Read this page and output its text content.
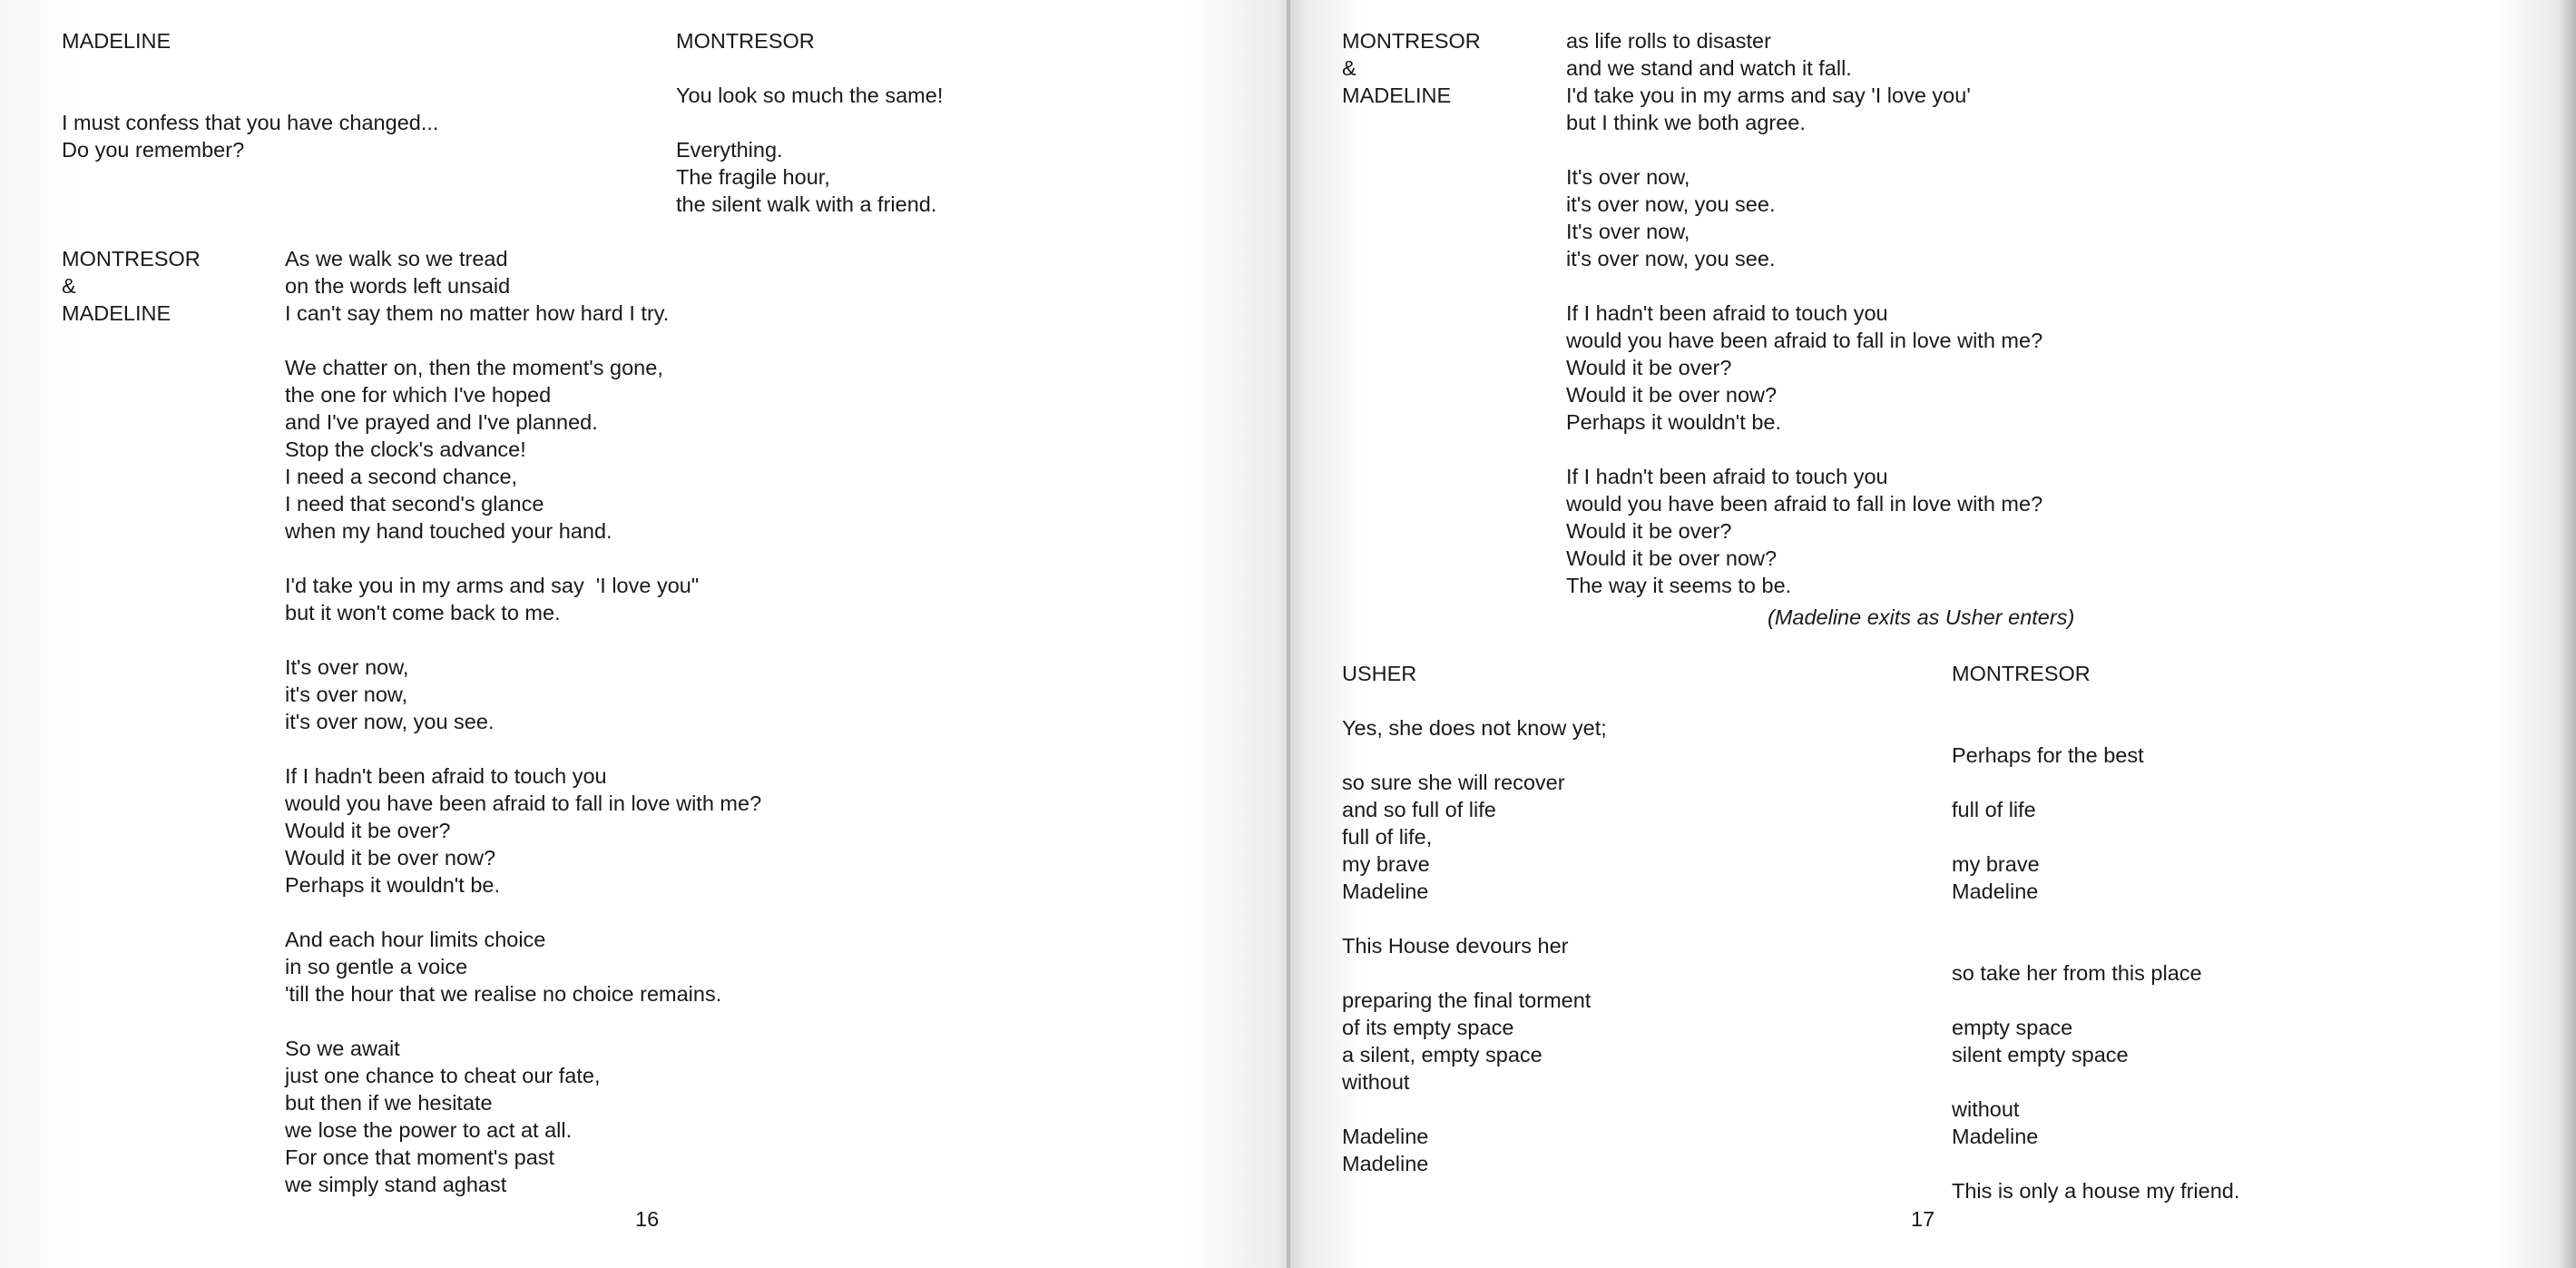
MADELINE
I must confess that you have changed...
Do you remember?
MONTRESOR
You look so much the same!
Everything.
The fragile hour,
the silent walk with a friend.
MONTRESOR
&
MADELINE
As we walk so we tread
on the words left unsaid
I can't say them no matter how hard I try.
We chatter on, then the moment's gone,
the one for which I've hoped
and I've prayed and I've planned.
Stop the clock's advance!
I need a second chance,
I need that second's glance
when my hand touched your hand.
I'd take you in my arms and say  'I love you"
but it won't come back to me.
It's over now,
it's over now,
it's over now, you see.
If I hadn't been afraid to touch you
would you have been afraid to fall in love with me?
Would it be over?
Would it be over now?
Perhaps it wouldn't be.
And each hour limits choice
in so gentle a voice
'till the hour that we realise no choice remains.
So we await
just one chance to cheat our fate,
but then if we hesitate
we lose the power to act at all.
For once that moment's past
we simply stand aghast
16
MONTRESOR
&
MADELINE
as life rolls to disaster
and we stand and watch it fall.
I'd take you in my arms and say 'I love you'
but I think we both agree.
It's over now,
it's over now, you see.
It's over now,
it's over now, you see.
If I hadn't been afraid to touch you
would you have been afraid to fall in love with me?
Would it be over?
Would it be over now?
Perhaps it wouldn't be.
If I hadn't been afraid to touch you
would you have been afraid to fall in love with me?
Would it be over?
Would it be over now?
The way it seems to be.
(Madeline exits as Usher enters)
USHER
Yes, she does not know yet;
so sure she will recover
and so full of life
full of life,
my brave
Madeline
This House devours her
preparing the final torment
of its empty space
a silent, empty space
without
Madeline
Madeline
MONTRESOR
Perhaps for the best
full of life
my brave
Madeline
so take her from this place
empty space
silent empty space
without
Madeline
This is only a house my friend.
17
